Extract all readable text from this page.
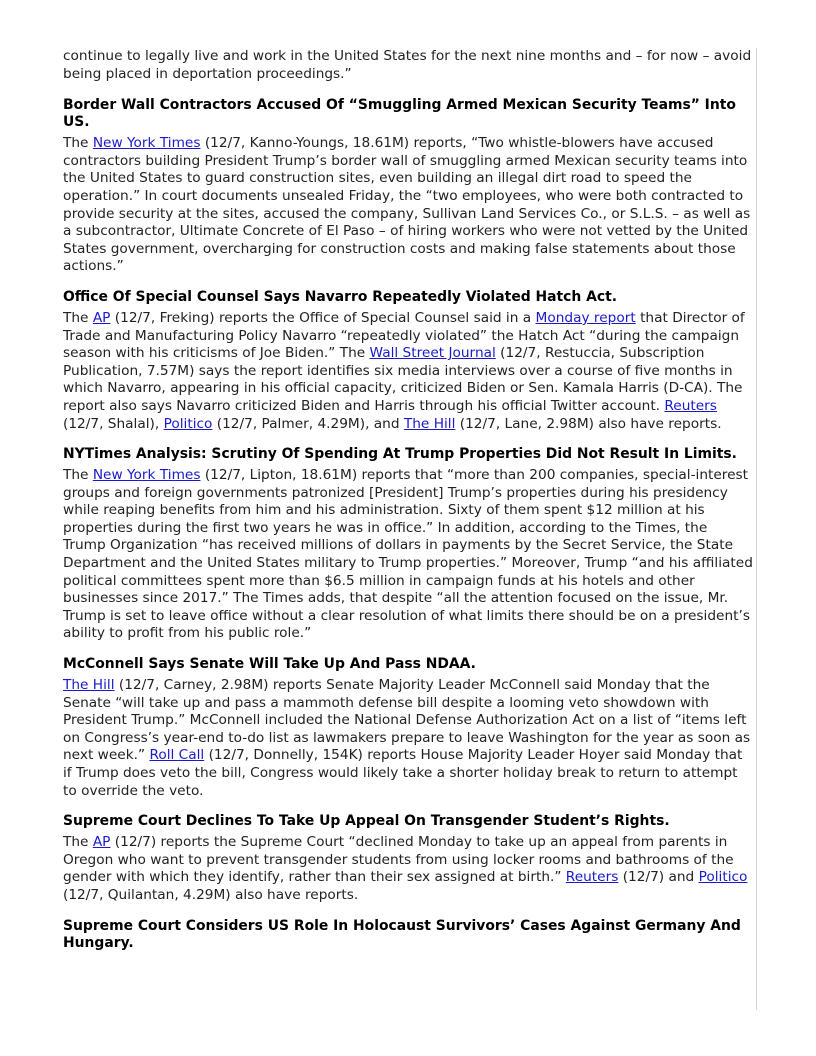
continue to legally live and work in the United States for the next nine months and – for now – avoid being placed in deportation proceedings.”

Border Wall Contractors Accused Of “Smuggling Armed Mexican Security Teams” Into US.

The New York Times (12/7, Kanno-Youngs, 18.61M) reports, “Two whistle-blowers have accused contractors building President Trump’s border wall of smuggling armed Mexican security teams into the United States to guard construction sites, even building an illegal dirt road to speed the operation.” In court documents unsealed Friday, the “two employees, who were both contracted to provide security at the sites, accused the company, Sullivan Land Services Co., or S.L.S. – as well as a subcontractor, Ultimate Concrete of El Paso – of hiring workers who were not vetted by the United States government, overcharging for construction costs and making false statements about those actions.”

Office Of Special Counsel Says Navarro Repeatedly Violated Hatch Act.

The AP (12/7, Freking) reports the Office of Special Counsel said in a Monday report that Director of Trade and Manufacturing Policy Navarro “repeatedly violated” the Hatch Act “during the campaign season with his criticisms of Joe Biden.” The Wall Street Journal (12/7, Restuccia, Subscription Publication, 7.57M) says the report identifies six media interviews over a course of five months in which Navarro, appearing in his official capacity, criticized Biden or Sen. Kamala Harris (D-CA). The report also says Navarro criticized Biden and Harris through his official Twitter account. Reuters (12/7, Shalal), Politico (12/7, Palmer, 4.29M), and The Hill (12/7, Lane, 2.98M) also have reports.

NYTimes Analysis: Scrutiny Of Spending At Trump Properties Did Not Result In Limits.

The New York Times (12/7, Lipton, 18.61M) reports that “more than 200 companies, special-interest groups and foreign governments patronized [President] Trump’s properties during his presidency while reaping benefits from him and his administration. Sixty of them spent $12 million at his properties during the first two years he was in office.” In addition, according to the Times, the Trump Organization “has received millions of dollars in payments by the Secret Service, the State Department and the United States military to Trump properties.” Moreover, Trump “and his affiliated political committees spent more than $6.5 million in campaign funds at his hotels and other businesses since 2017.” The Times adds, that despite “all the attention focused on the issue, Mr. Trump is set to leave office without a clear resolution of what limits there should be on a president’s ability to profit from his public role.”

McConnell Says Senate Will Take Up And Pass NDAA.

The Hill (12/7, Carney, 2.98M) reports Senate Majority Leader McConnell said Monday that the Senate “will take up and pass a mammoth defense bill despite a looming veto showdown with President Trump.” McConnell included the National Defense Authorization Act on a list of “items left on Congress’s year-end to-do list as lawmakers prepare to leave Washington for the year as soon as next week.” Roll Call (12/7, Donnelly, 154K) reports House Majority Leader Hoyer said Monday that if Trump does veto the bill, Congress would likely take a shorter holiday break to return to attempt to override the veto.

Supreme Court Declines To Take Up Appeal On Transgender Student’s Rights.

The AP (12/7) reports the Supreme Court “declined Monday to take up an appeal from parents in Oregon who want to prevent transgender students from using locker rooms and bathrooms of the gender with which they identify, rather than their sex assigned at birth.” Reuters (12/7) and Politico (12/7, Quilantan, 4.29M) also have reports.

Supreme Court Considers US Role In Holocaust Survivors’ Cases Against Germany And Hungary.
